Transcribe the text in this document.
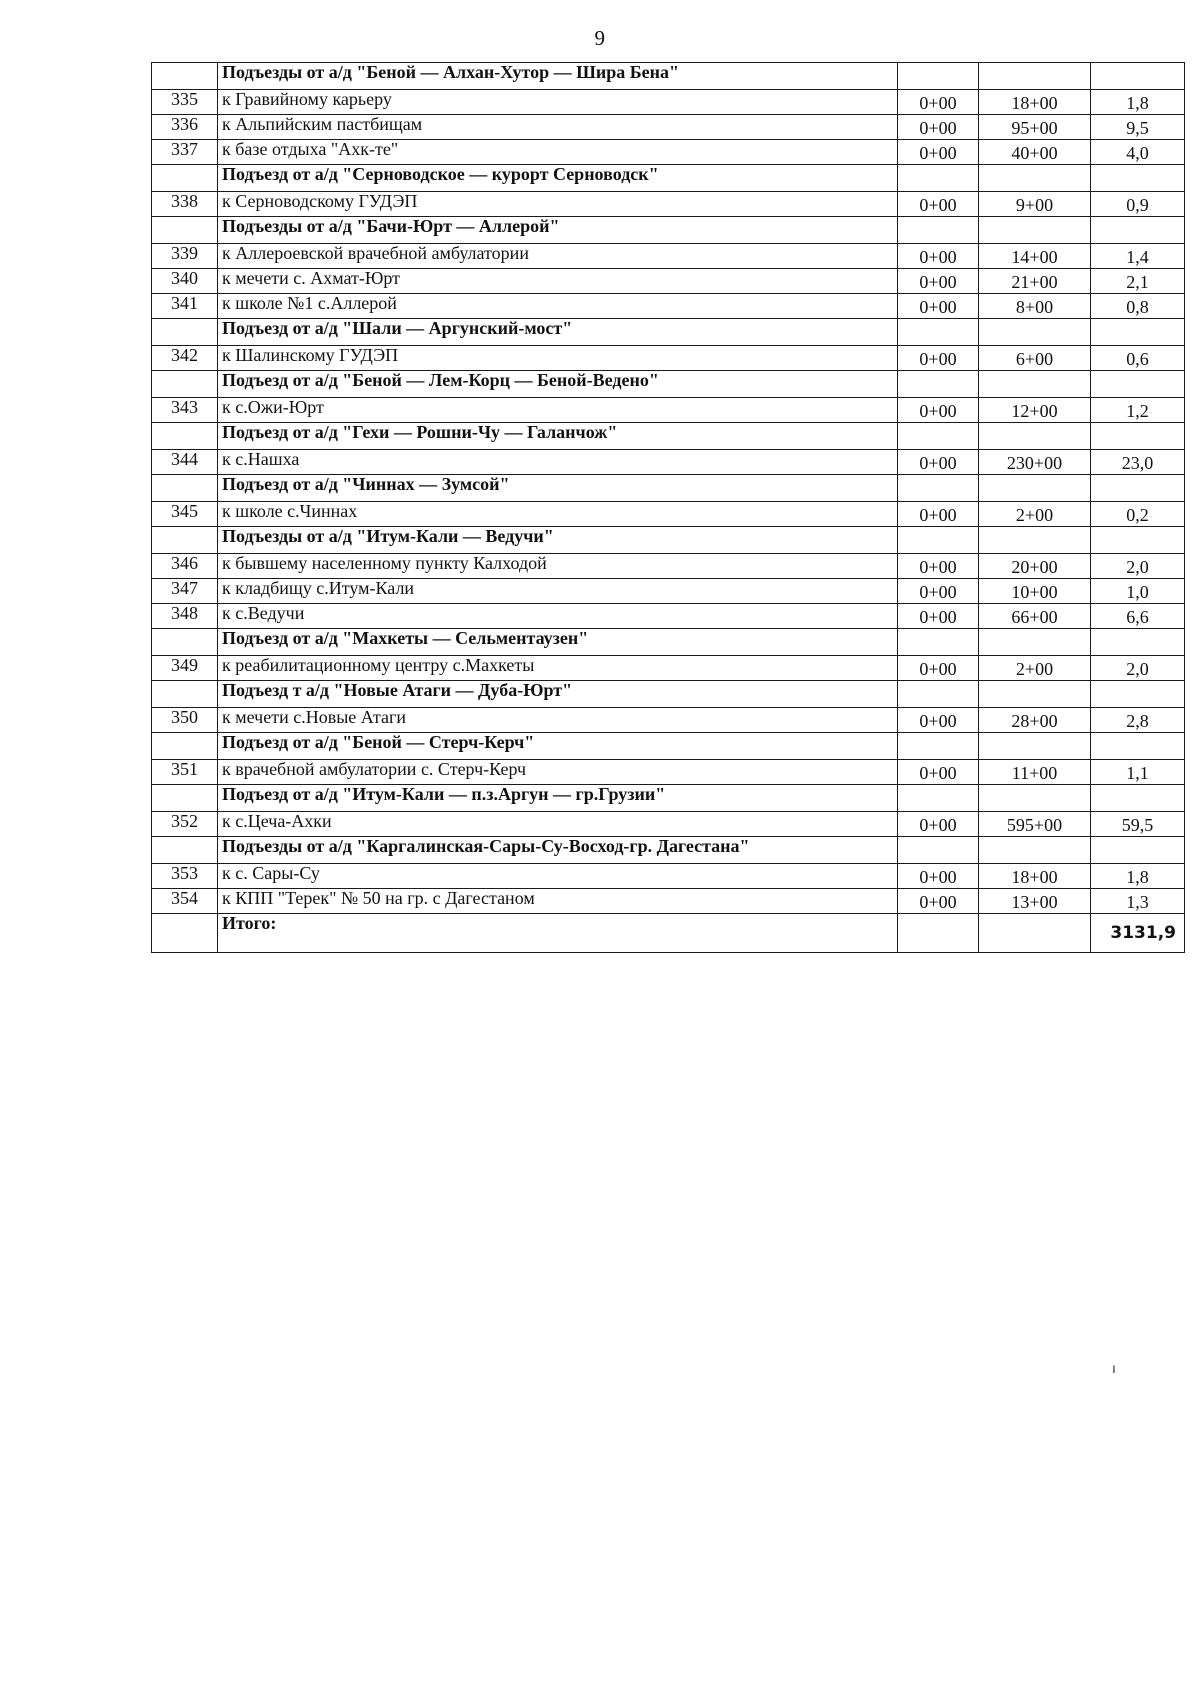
9
	Подъезды от а/д "Беной — Алхан-Хутор — Шира Бена"			
335	к Гравийному карьеру	0+00	18+00	1,8
336	к Альпийским пастбищам	0+00	95+00	9,5
337	к базе отдыха "Ахк-те"	0+00	40+00	4,0
	Подъезд от а/д "Серноводское — курорт Серноводск"			
338	к Серноводскому ГУДЭП	0+00	9+00	0,9
	Подъезды от а/д "Бачи-Юрт — Аллерой"			
339	к Аллероевской врачебной амбулатории	0+00	14+00	1,4
340	к мечети с. Ахмат-Юрт	0+00	21+00	2,1
341	к школе №1 с.Аллерой	0+00	8+00	0,8
	Подъезд от а/д "Шали — Аргунский-мост"			
342	к Шалинскому ГУДЭП	0+00	6+00	0,6
	Подъезд от а/д "Беной — Лем-Корц — Беной-Ведено"			
343	к с.Ожи-Юрт	0+00	12+00	1,2
	Подъезд от а/д "Гехи — Рошни-Чу — Галанчож"			
344	к с.Нашха	0+00	230+00	23,0
	Подъезд от а/д "Чиннах — Зумсой"			
345	к школе с.Чиннах	0+00	2+00	0,2
	Подъезды от а/д "Итум-Кали — Ведучи"			
346	к бывшему населенному пункту Калходой	0+00	20+00	2,0
347	к кладбищу с.Итум-Кали	0+00	10+00	1,0
348	к с.Ведучи	0+00	66+00	6,6
	Подъезд от а/д "Махкеты — Сельментаузен"			
349	к реабилитационному центру с.Махкеты	0+00	2+00	2,0
	Подъезд т а/д "Новые Атаги — Дуба-Юрт"			
350	к мечети с.Новые Атаги	0+00	28+00	2,8
	Подъезд от а/д "Беной — Стерч-Керч"			
351	к врачебной амбулатории с. Стерч-Керч	0+00	11+00	1,1
	Подъезд от а/д "Итум-Кали — п.з.Аргун — гр.Грузии"			
352	к с.Цеча-Ахки	0+00	595+00	59,5
	Подъезды от а/д "Каргалинская-Сары-Су-Восход-гр. Дагестана"			
353	к с. Сары-Су	0+00	18+00	1,8
354	к КПП "Терек" № 50 на гр. с Дагестаном	0+00	13+00	1,3
	Итого:			3131,9
ı
